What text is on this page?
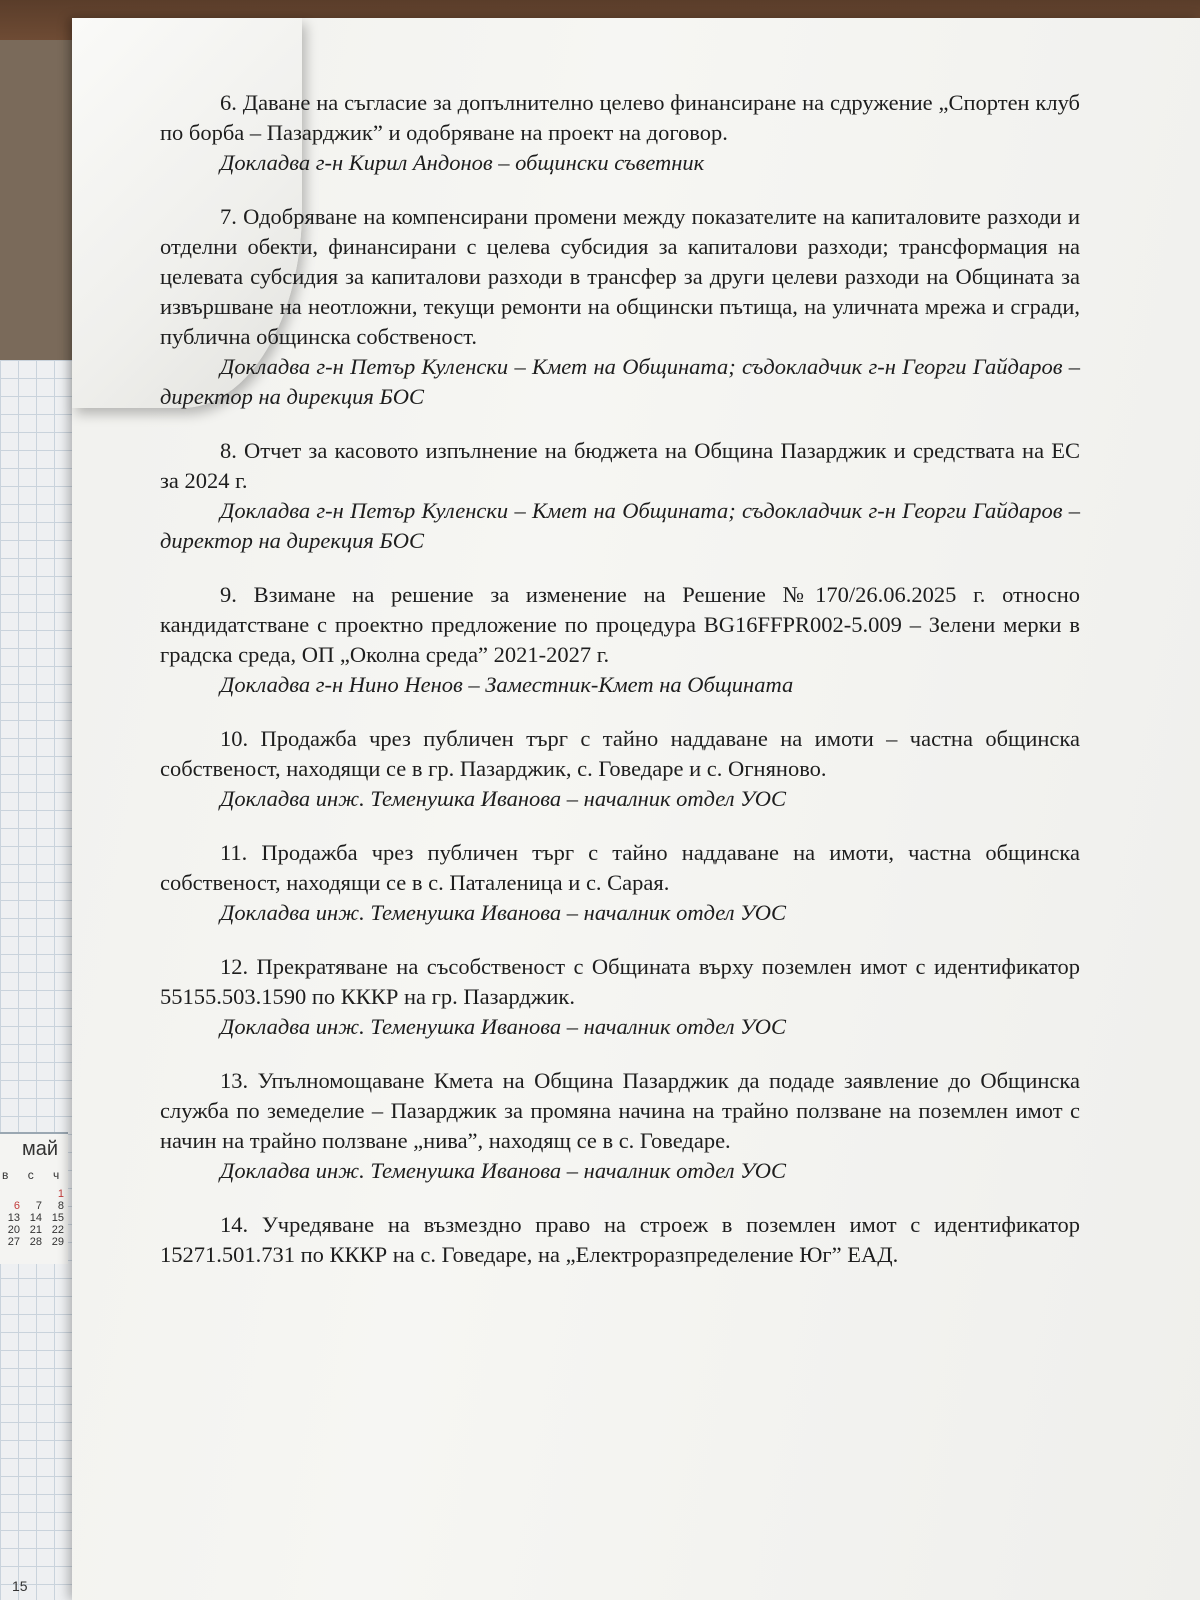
май
в с ч
1
6	7	8
13 14 15
20 21 22
27 28 29
15

6. Даване на съгласие за допълнително целево финансиране на сдружение „Спортен клуб по борба – Пазарджик” и одобряване на проект на договор.

Докладва г-н Кирил Андонов – общински съветник

7. Одобряване на компенсирани промени между показателите на капиталовите разходи и отделни обекти, финансирани с целева субсидия за капиталови разходи; трансформация на целевата субсидия за капиталови разходи в трансфер за други целеви разходи на Общината за извършване на неотложни, текущи ремонти на общински пътища, на уличната мрежа и сгради, публична общинска собственост.

Докладва г-н Петър Куленски – Кмет на Общината; съдокладчик г-н Георги Гайдаров – директор на дирекция БОС

8. Отчет за касовото изпълнение на бюджета на Община Пазарджик и средствата на ЕС за 2024 г.

Докладва г-н Петър Куленски – Кмет на Общината; съдокладчик г-н Георги Гайдаров – директор на дирекция БОС

9. Взимане на решение за изменение на Решение №170/26.06.2025 г. относно кандидатстване с проектно предложение по процедура BG16FFPR002-5.009 – Зелени мерки в градска среда, ОП „Околна среда” 2021-2027 г.

Докладва г-н Нино Ненов – Заместник-Кмет на Общината

10. Продажба чрез публичен търг с тайно наддаване на имоти – частна общинска собственост, находящи се в гр. Пазарджик, с. Говедаре и с. Огняново.

Докладва инж. Теменушка Иванова – началник отдел УОС

11. Продажба чрез публичен търг с тайно наддаване на имоти, частна общинска собственост, находящи се в с. Паталеница и с. Сарая.

Докладва инж. Теменушка Иванова – началник отдел УОС

12. Прекратяване на съсобственост с Общината върху поземлен имот с идентификатор 55155.503.1590 по КККР на гр. Пазарджик.

Докладва инж. Теменушка Иванова – началник отдел УОС

13. Упълномощаване Кмета на Община Пазарджик да подаде заявление до Общинска служба по земеделие – Пазарджик за промяна начина на трайно ползване на поземлен имот с начин на трайно ползване „нива”, находящ се в с. Говедаре.

Докладва инж. Теменушка Иванова – началник отдел УОС

14. Учредяване на възмездно право на строеж в поземлен имот с идентификатор 15271.501.731 по КККР на с. Говедаре, на „Електроразпределение Юг” ЕАД.
